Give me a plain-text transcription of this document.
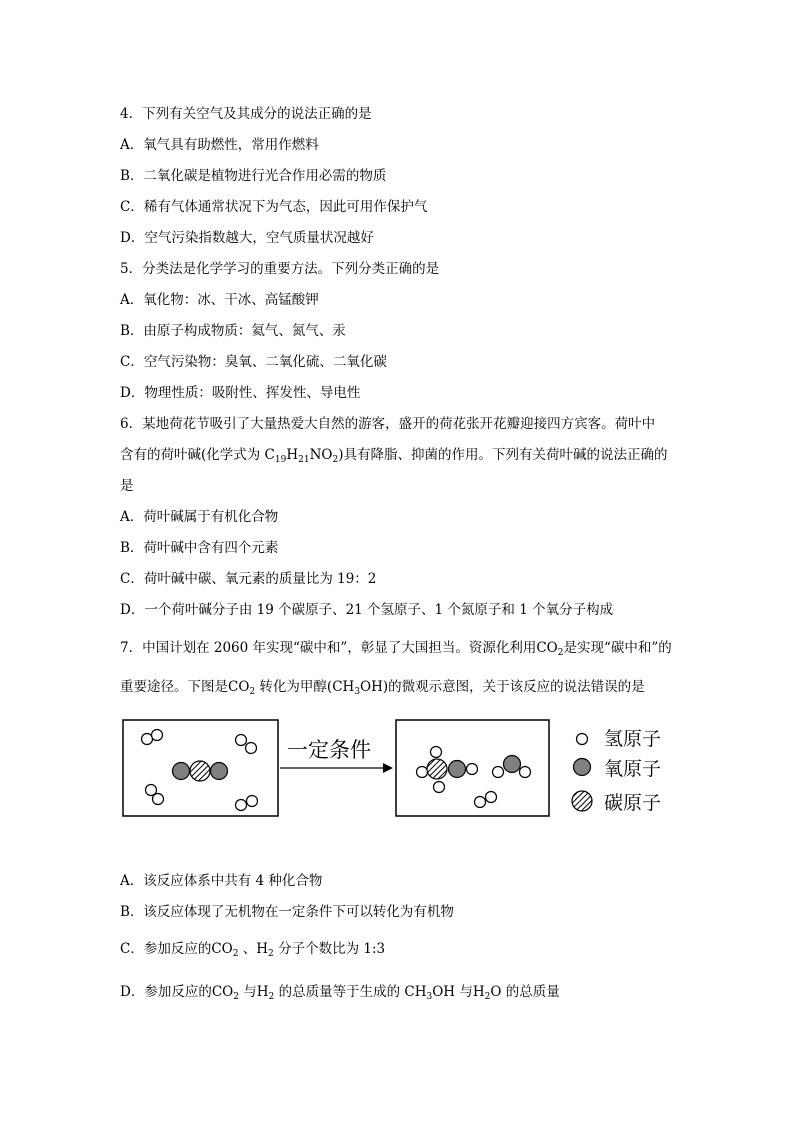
4．下列有关空气及其成分的说法正确的是
A．氧气具有助燃性，常用作燃料
B．二氧化碳是植物进行光合作用必需的物质
C．稀有气体通常状况下为气态，因此可用作保护气
D．空气污染指数越大，空气质量状况越好
5．分类法是化学学习的重要方法。下列分类正确的是
A．氧化物：冰、干冰、高锰酸钾
B．由原子构成物质：氦气、氮气、汞
C．空气污染物：臭氧、二氧化硫、二氧化碳
D．物理性质：吸附性、挥发性、导电性
6．某地荷花节吸引了大量热爱大自然的游客，盛开的荷花张开花瓣迎接四方宾客。荷叶中
含有的荷叶碱(化学式为 $C_{19}H_{21}NO_2$)具有降脂、抑菌的作用。下列有关荷叶碱的说法正确的
是
A．荷叶碱属于有机化合物
B．荷叶碱中含有四个元素
C．荷叶碱中碳、氧元素的质量比为 19：2
D．一个荷叶碱分子由 19 个碳原子、21 个氢原子、1 个氮原子和 1 个氧分子构成
7．中国计划在 2060 年实现“碳中和”，彰显了大国担当。资源化利用$CO_2$是实现“碳中和”的
重要途径。下图是$CO_2$ 转化为甲醇$(CH_3OH)$的微观示意图，关于该反应的说法错误的是
一定条件	氢原子
氧原子
碳原子
A．该反应体系中共有 4 种化合物
B．该反应体现了无机物在一定条件下可以转化为有机物
C．参加反应的$CO_2$ 、$H_2$ 分子个数比为 1:3
D．参加反应的$CO_2$ 与$H_2$ 的总质量等于生成的 $CH_3OH$ 与$H_2O$ 的总质量
